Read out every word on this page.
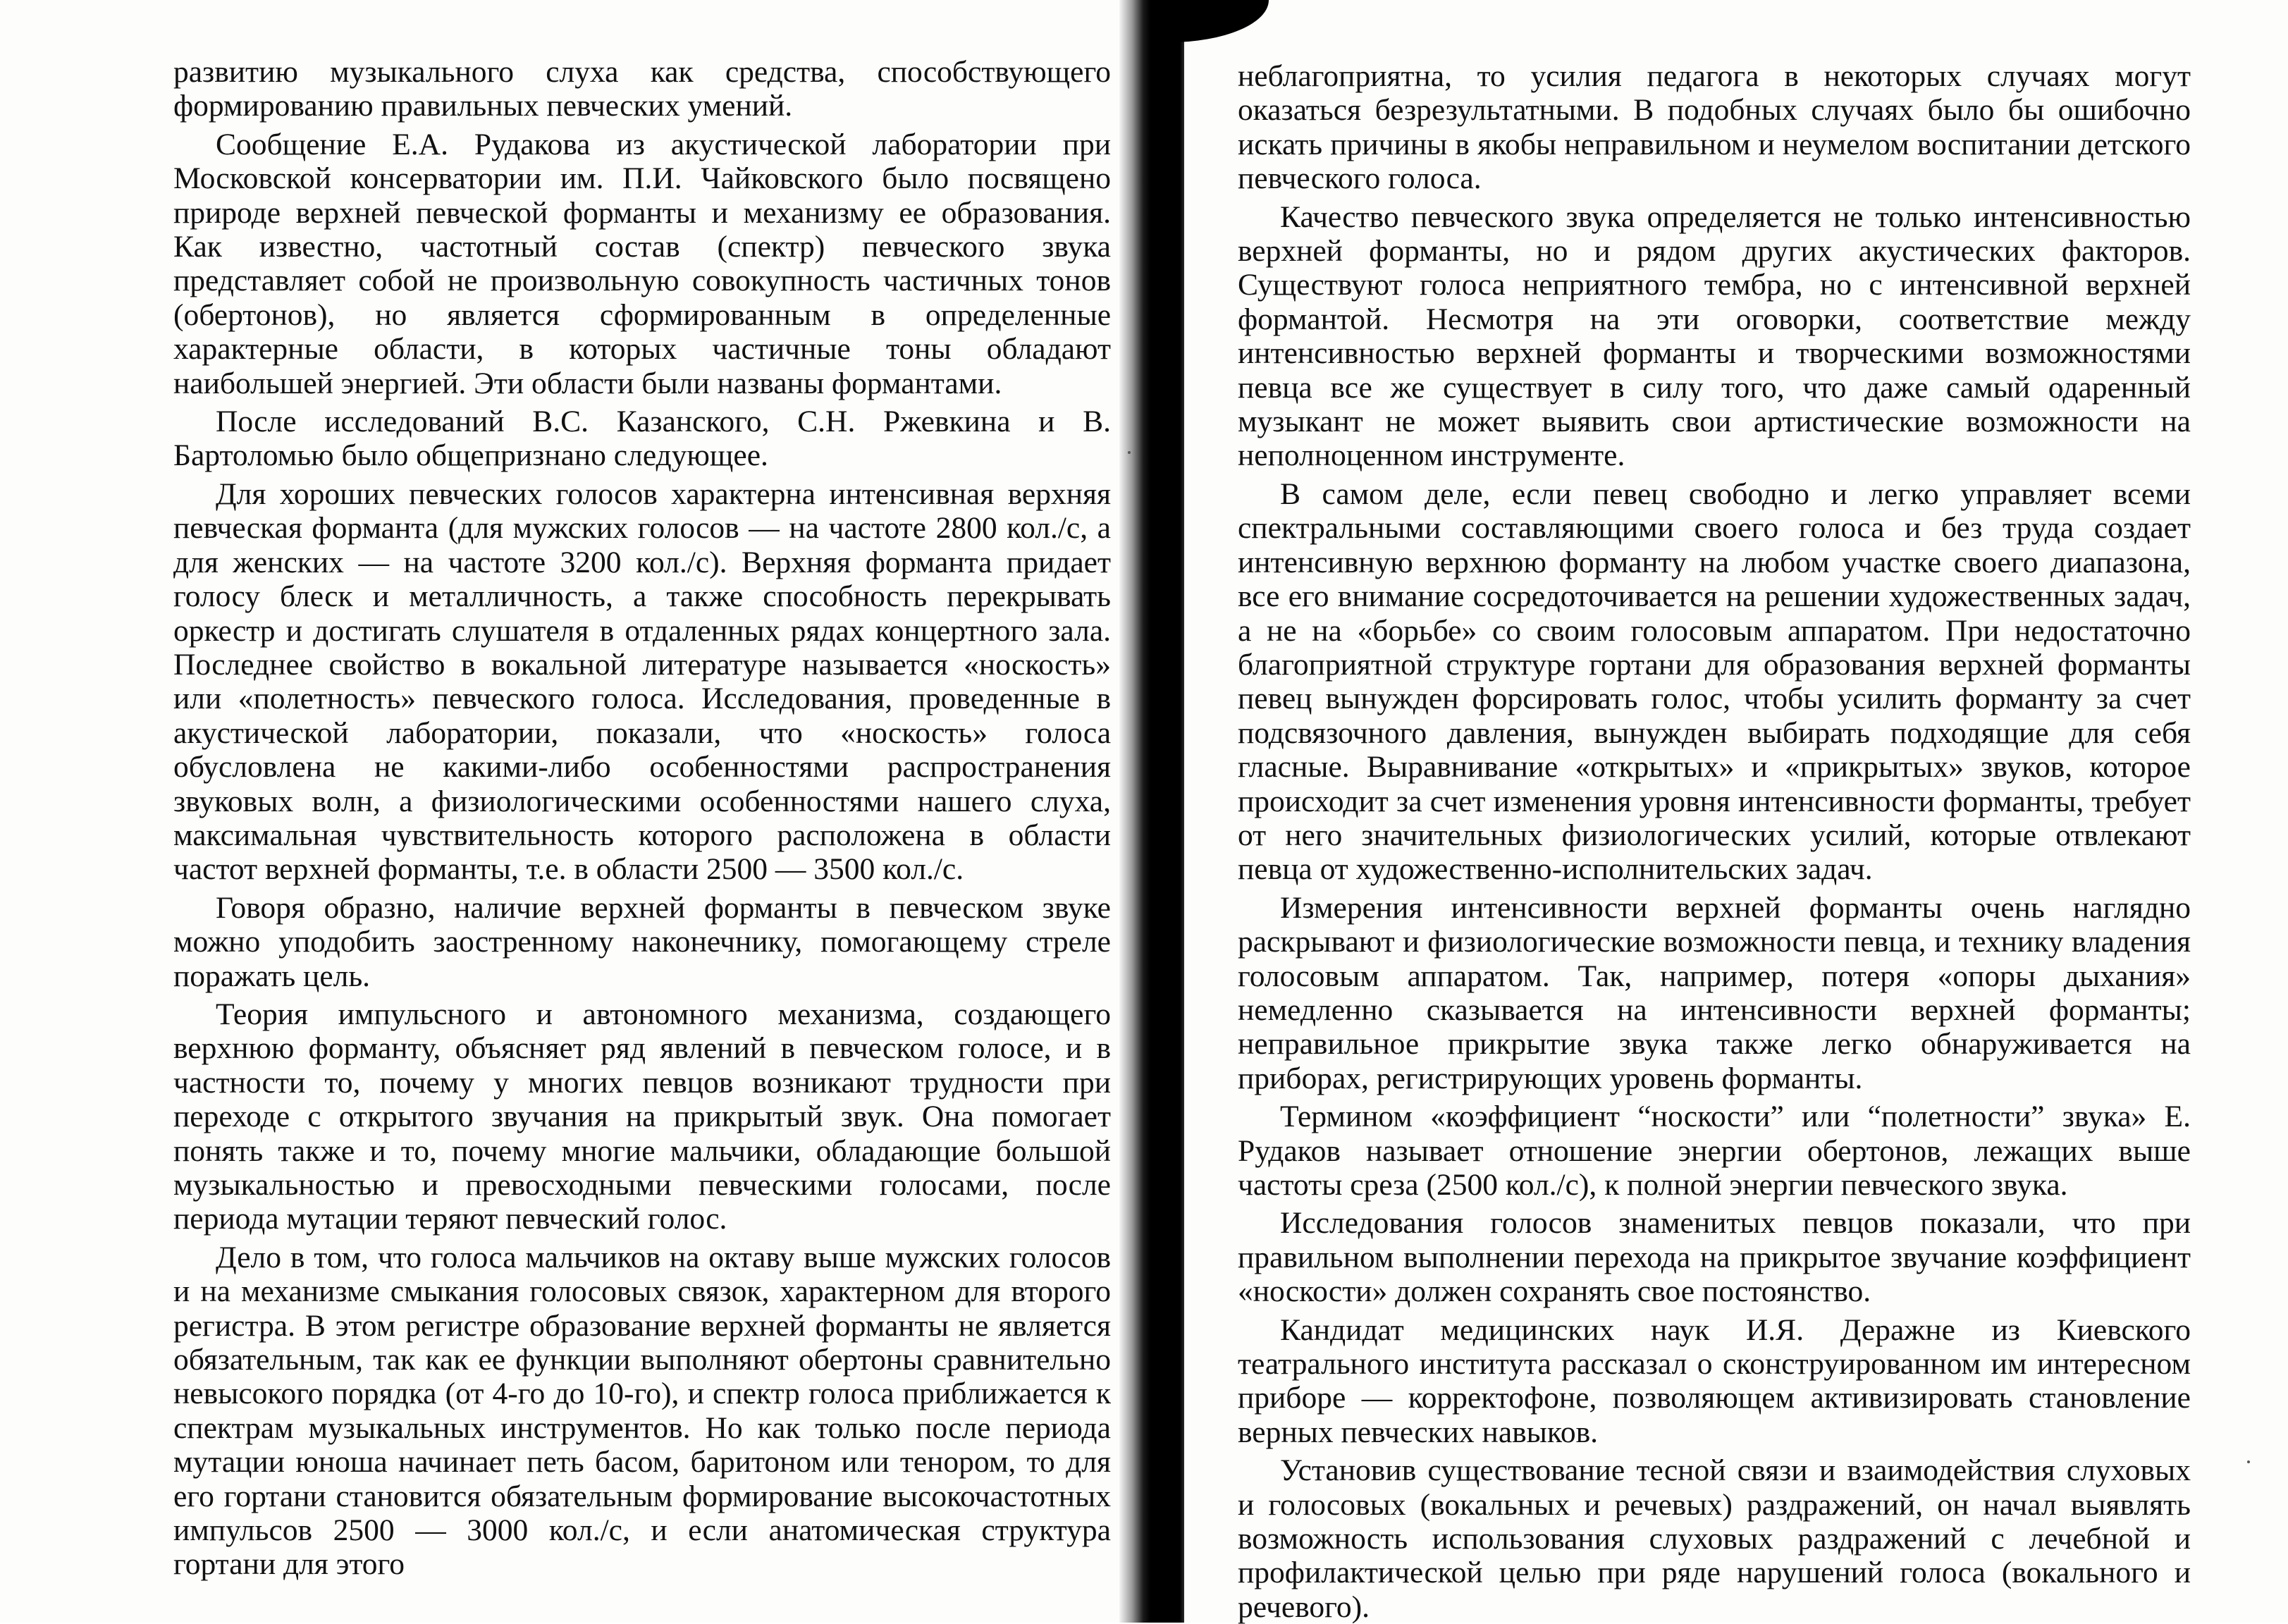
развитию музыкального слуха как средства, способствующего формированию правильных певческих умений.

Сообщение Е.А. Рудакова из акустической лаборатории при Московской консерватории им. П.И. Чайковского было посвящено природе верхней певческой форманты и механизму ее образования. Как известно, частотный состав (спектр) певческого звука представляет собой не произвольную совокупность частичных тонов (обертонов), но является сформированным в определенные характерные области, в которых частичные тоны обладают наибольшей энергией. Эти области были названы формантами.

После исследований В.С. Казанского, С.Н. Ржевкина и В. Бартоломью было общепризнано следующее.

Для хороших певческих голосов характерна интенсивная верхняя певческая форманта (для мужских голосов — на частоте 2800 кол./с, а для женских — на частоте 3200 кол./с). Верхняя форманта придает голосу блеск и металличность, а также способность перекрывать оркестр и достигать слушателя в отдаленных рядах концертного зала. Последнее свойство в вокальной литературе называется «носкость» или «полетность» певческого голоса. Исследования, проведенные в акустической лаборатории, показали, что «носкость» голоса обусловлена не какими-либо особенностями распространения звуковых волн, а физиологическими особенностями нашего слуха, максимальная чувствительность которого расположена в области частот верхней форманты, т.е. в области 2500 — 3500 кол./с.

Говоря образно, наличие верхней форманты в певческом звуке можно уподобить заостренному наконечнику, помогающему стреле поражать цель.

Теория импульсного и автономного механизма, создающего верхнюю форманту, объясняет ряд явлений в певческом голосе, и в частности то, почему у многих певцов возникают трудности при переходе с открытого звучания на прикрытый звук. Она помогает понять также и то, почему многие мальчики, обладающие большой музыкальностью и превосходными певческими голосами, после периода мутации теряют певческий голос.

Дело в том, что голоса мальчиков на октаву выше мужских голосов и на механизме смыкания голосовых связок, характерном для второго регистра. В этом регистре образование верхней форманты не является обязательным, так как ее функции выполняют обертоны сравнительно невысокого порядка (от 4-го до 10-го), и спектр голоса приближается к спектрам музыкальных инструментов. Но как только после периода мутации юноша начинает петь басом, баритоном или тенором, то для его гортани становится обязательным формирование высокочастотных импульсов 2500 — 3000 кол./с, и если анатомическая структура гортани для этого

неблагоприятна, то усилия педагога в некоторых случаях могут оказаться безрезультатными. В подобных случаях было бы ошибочно искать причины в якобы неправильном и неумелом воспитании детского певческого голоса.

Качество певческого звука определяется не только интенсивностью верхней форманты, но и рядом других акустических факторов. Существуют голоса неприятного тембра, но с интенсивной верхней формантой. Несмотря на эти оговорки, соответствие между интенсивностью верхней форманты и творческими возможностями певца все же существует в силу того, что даже самый одаренный музыкант не может выявить свои артистические возможности на неполноценном инструменте.

В самом деле, если певец свободно и легко управляет всеми спектральными составляющими своего голоса и без труда создает интенсивную верхнюю форманту на любом участке своего диапазона, все его внимание сосредоточивается на решении художественных задач, а не на «борьбе» со своим голосовым аппаратом. При недостаточно благоприятной структуре гортани для образования верхней форманты певец вынужден форсировать голос, чтобы усилить форманту за счет подсвязочного давления, вынужден выбирать подходящие для себя гласные. Выравнивание «открытых» и «прикрытых» звуков, которое происходит за счет изменения уровня интенсивности форманты, требует от него значительных физиологических усилий, которые отвлекают певца от художественно-исполнительских задач.

Измерения интенсивности верхней форманты очень наглядно раскрывают и физиологические возможности певца, и технику владения голосовым аппаратом. Так, например, потеря «опоры дыхания» немедленно сказывается на интенсивности верхней форманты; неправильное прикрытие звука также легко обнаруживается на приборах, регистрирующих уровень форманты.

Термином «коэффициент “носкости” или “полетности” звука» Е. Рудаков называет отношение энергии обертонов, лежащих выше частоты среза (2500 кол./с), к полной энергии певческого звука.

Исследования голосов знаменитых певцов показали, что при правильном выполнении перехода на прикрытое звучание коэффициент «носкости» должен сохранять свое постоянство.

Кандидат медицинских наук И.Я. Деражне из Киевского театрального института рассказал о сконструированном им интересном приборе — корректофоне, позволяющем активизировать становление верных певческих навыков.

Установив существование тесной связи и взаимодействия слуховых и голосовых (вокальных и речевых) раздражений, он начал выявлять возможность использования слуховых раздражений с лечебной и профилактической целью при ряде нарушений голоса (вокального и речевого).
